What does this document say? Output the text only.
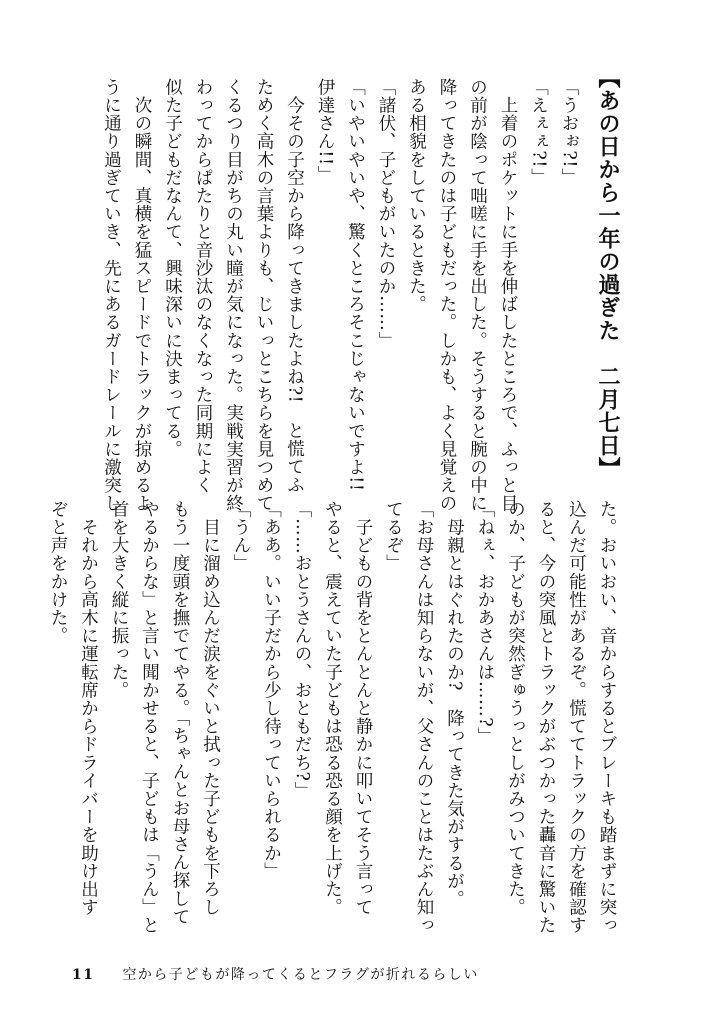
【あの日から一年の過ぎた　二月七日】

「うおぉ?!」

「えぇぇ?!」

　上着のポケットに手を伸ばしたところで、ふっと目

の前が陰って咄嗟に手を出した。そうすると腕の中に

降ってきたのは子どもだった。しかも、よく見覚えの

ある相貌をしているときた。

「諸伏、子どもがいたのか……」

「いやいやいや、驚くところそこじゃないですよ!!

伊達さん!!」

　今その子空から降ってきましたよね?!　と慌てふ

ためく高木の言葉よりも、じいっとこちらを見つめて

くるつり目がちの丸い瞳が気になった。実戦実習が終

わってからぱたりと音沙汰のなくなった同期によく

似た子どもだなんて、興味深いに決まってる。

　次の瞬間、真横を猛スピードでトラックが掠めるよ

うに通り過ぎていき、先にあるガードレールに激突し

た。おいおい、音からするとブレーキも踏まずに突っ

込んだ可能性があるぞ。慌ててトラックの方を確認す

ると、今の突風とトラックがぶつかった轟音に驚いた

のか、子どもが突然ぎゅうっとしがみついてきた。

「ねぇ、おかあさんは……?」

　母親とはぐれたのか?　降ってきた気がするが。

「お母さんは知らないが、父さんのことはたぶん知っ

てるぞ」

　子どもの背をとんとんと静かに叩いてそう言って

やると、震えていた子どもは恐る恐る顔を上げた。

「……おとうさんの、おともだち?」

「ああ。いい子だから少し待っていられるか」

「うん」

　目に溜め込んだ涙をぐいと拭った子どもを下ろし

もう一度頭を撫でてやる。「ちゃんとお母さん探して

やるからな」と言い聞かせると、子どもは「うん」と

首を大きく縦に振った。

　それから高木に運転席からドライバーを助け出す

ぞと声をかけた。

11 空から子どもが降ってくるとフラグが折れるらしい
